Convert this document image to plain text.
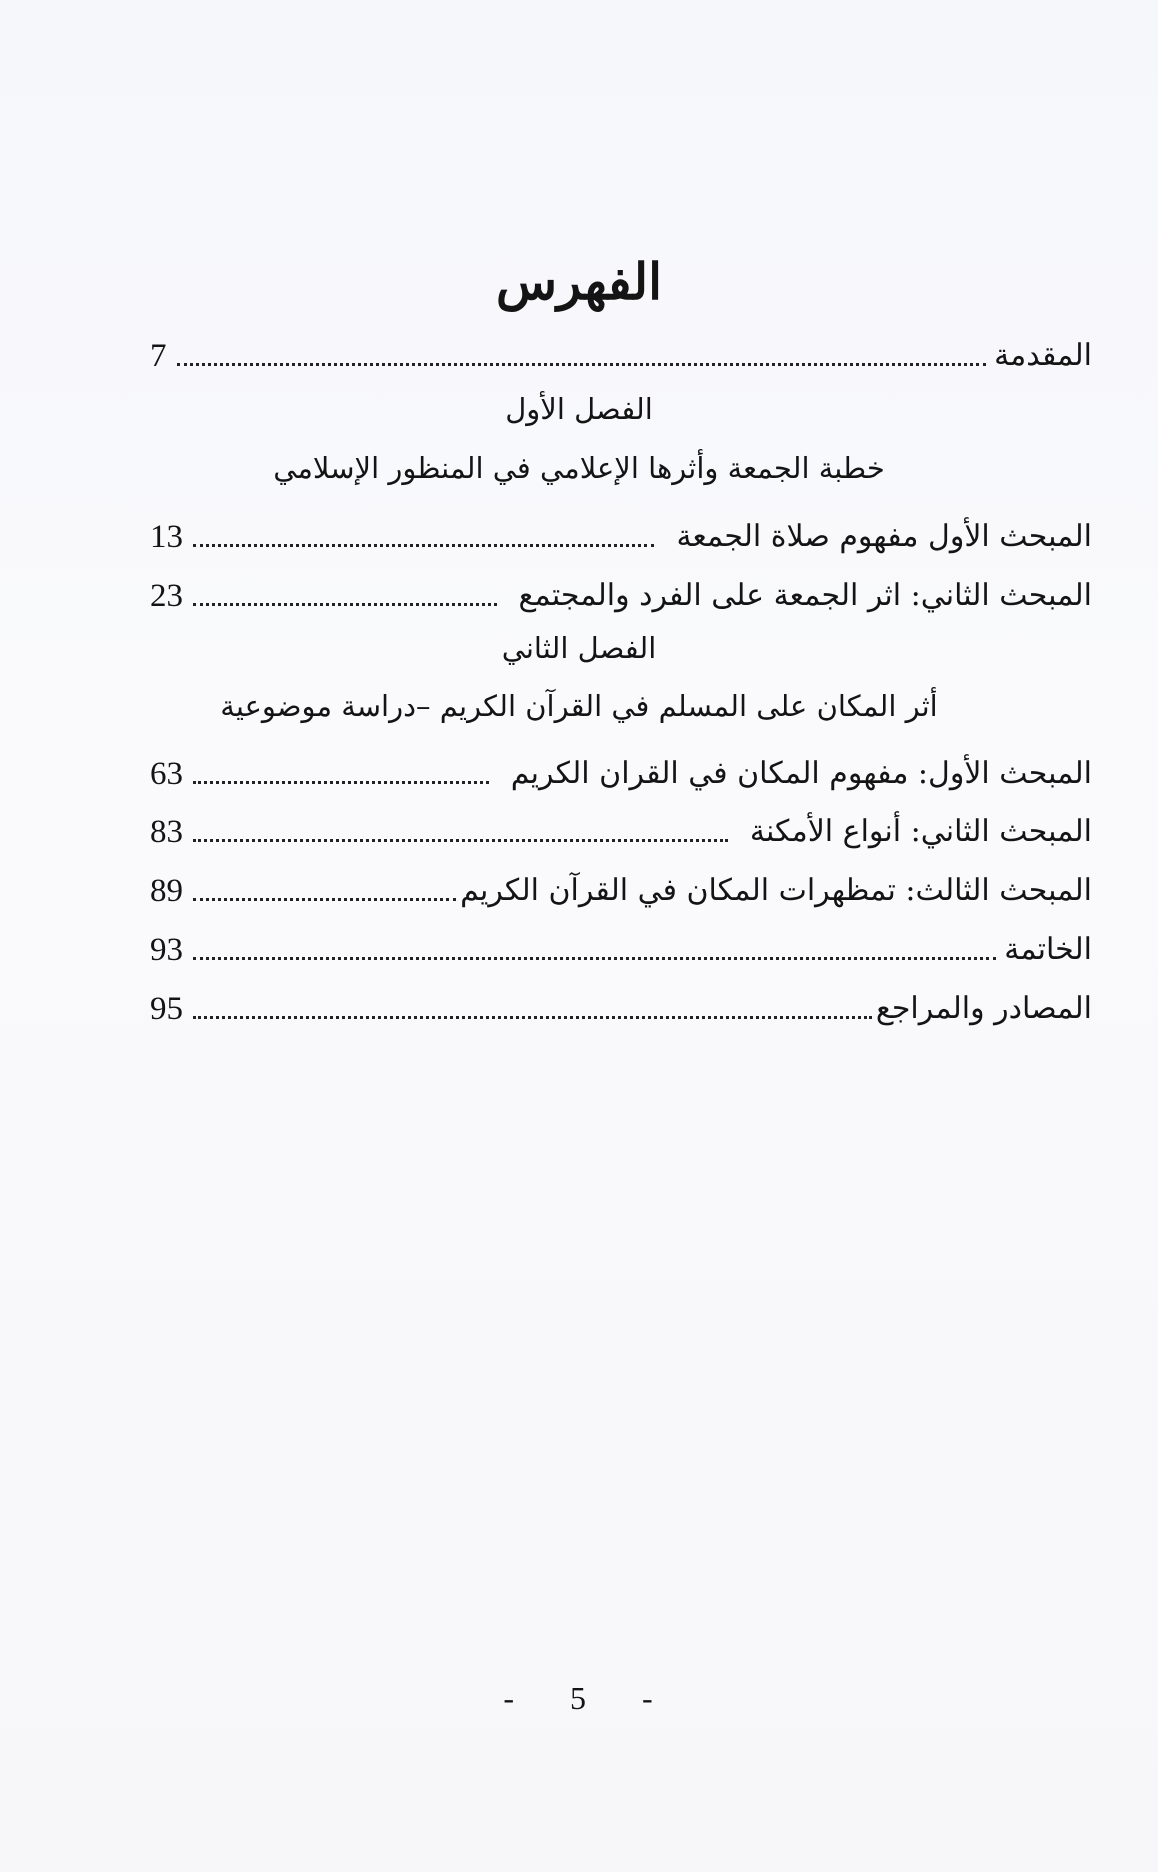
الفهرس
7	المقدمة
الفصل الأول
خطبة الجمعة وأثرها الإعلامي في المنظور الإسلامي
13	المبحث الأول مفهوم صلاة الجمعة
23	المبحث الثاني: اثر الجمعة على الفرد والمجتمع
الفصل الثاني
أثر المكان على المسلم في القرآن الكريم –دراسة موضوعية
63	المبحث الأول: مفهوم المكان في القران الكريم
83	المبحث الثاني: أنواع الأمكنة
89	المبحث الثالث: تمظهرات المكان في القرآن الكريم
93	الخاتمة
95	المصادر والمراجع
- 5 -
